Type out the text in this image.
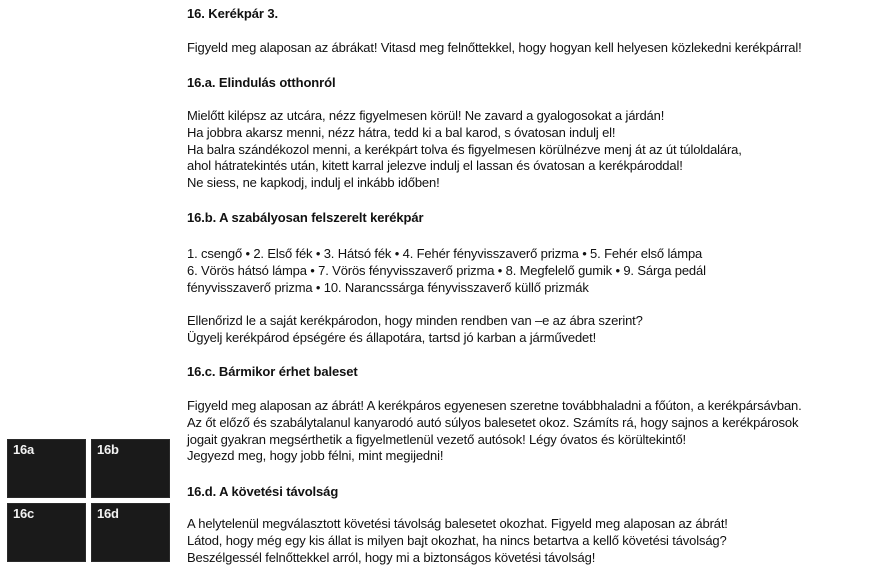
16. Kerékpár 3.
Figyeld meg alaposan az ábrákat! Vitasd meg felnőttekkel, hogy hogyan kell helyesen közlekedni kerékpárral!
16.a. Elindulás otthonról
Mielőtt kilépsz az utcára, nézz figyelmesen körül! Ne zavard a gyalogosokat a járdán!
Ha jobbra akarsz menni, nézz hátra, tedd ki a bal karod, s óvatosan indulj el!
Ha balra szándékozol menni, a kerékpárt tolva és figyelmesen körülnézve menj át az út túloldalára,
ahol hátratekintés után, kitett karral jelezve indulj el lassan és óvatosan a kerékpároddal!
Ne siess, ne kapkodj, indulj el inkább időben!
16.b. A szabályosan felszerelt kerékpár
1. csengő • 2. Első fék • 3. Hátsó fék • 4. Fehér fényvisszaverő prizma • 5. Fehér első lámpa
6. Vörös hátsó lámpa • 7. Vörös fényvisszaverő prizma • 8. Megfelelő gumik • 9. Sárga pedál
fényvisszaverő prizma • 10. Narancssárga fényvisszaverő küllő prizmák
Ellenőrizd le a saját kerékpárodon, hogy minden rendben van –e az ábra szerint?
Ügyelj kerékpárod épségére és állapotára, tartsd jó karban a járművedet!
16.c. Bármikor érhet baleset
Figyeld meg alaposan az ábrát! A kerékpáros egyenesen szeretne továbbhaladni a főúton, a kerékpársávban.
Az őt előző és szabálytalanul kanyarodó autó súlyos balesetet okoz. Számíts rá, hogy sajnos a kerékpárosok
jogait gyakran megsérthetik a figyelmetlenül vezető autósok! Légy óvatos és körültekintő!
Jegyezd meg, hogy jobb félni, mint megijedni!
16.d. A követési távolság
A helytelenül megválasztott követési távolság balesetet okozhat. Figyeld meg alaposan az ábrát!
Látod, hogy még egy kis állat is milyen bajt okozhat, ha nincs betartva a kellő követési távolság?
Beszélgessél felnőttekkel arról, hogy mi a biztonságos követési távolság!
16a	16b
16c	16d
